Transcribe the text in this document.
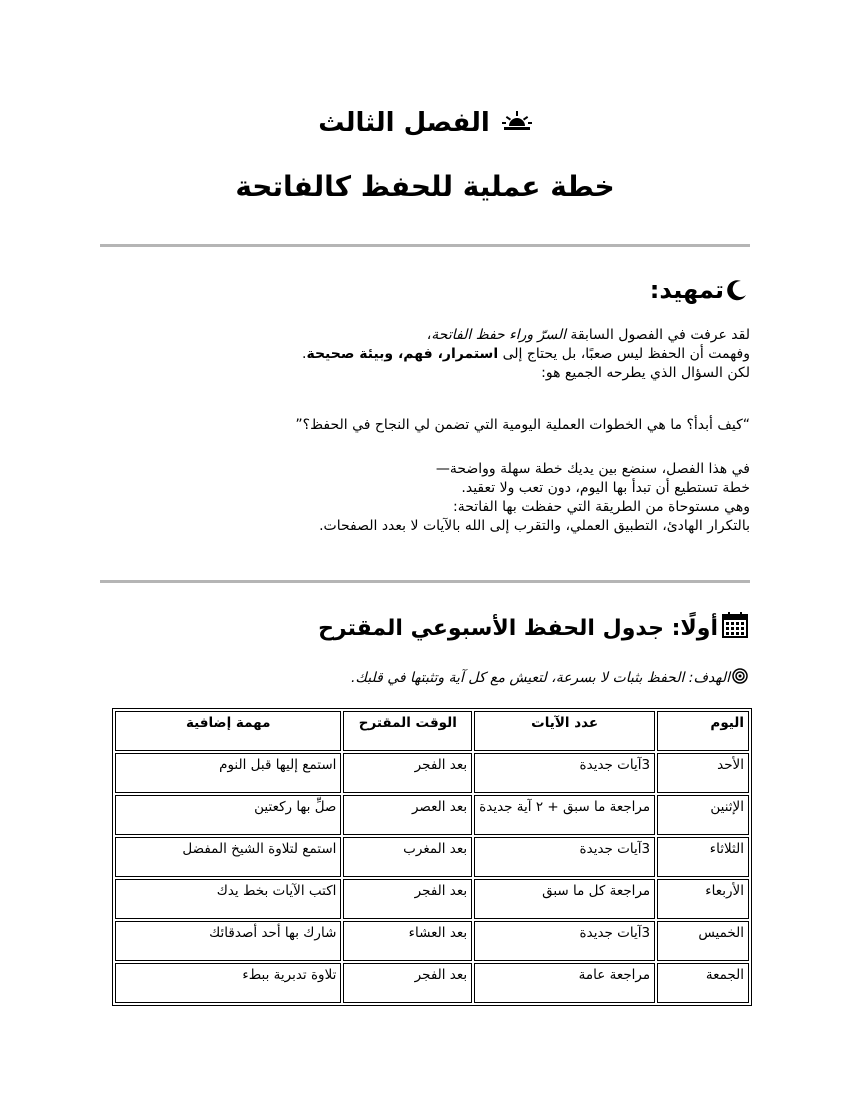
الفصل الثالث
خطة عملية للحفظ كالفاتحة
تمهيد:
لقد عرفت في الفصول السابقة السرّ وراء حفظ الفاتحة،
وفهمت أن الحفظ ليس صعبًا، بل يحتاج إلى استمرار، فهم، وبيئة صحيحة.
لكن السؤال الذي يطرحه الجميع هو:
“كيف أبدأ؟ ما هي الخطوات العملية اليومية التي تضمن لي النجاح في الحفظ؟”
في هذا الفصل، سنضع بين يديك خطة سهلة وواضحة—
خطة تستطيع أن تبدأ بها اليوم، دون تعب ولا تعقيد.
وهي مستوحاة من الطريقة التي حفظت بها الفاتحة:
بالتكرار الهادئ، التطبيق العملي، والتقرب إلى الله بالآيات لا بعدد الصفحات.
أولًا: جدول الحفظ الأسبوعي المقترح

الهدف: الحفظ بثبات لا بسرعة، لتعيش مع كل آية وتثبتها في قلبك.

اليوم	عدد الآيات	الوقت المقترح	مهمة إضافية
الأحد	3آيات جديدة	بعد الفجر	استمع إليها قبل النوم
الإثنين	مراجعة ما سبق + ٢ آية جديدة	بعد العصر	صلِّ بها ركعتين
الثلاثاء	3آيات جديدة	بعد المغرب	استمع لتلاوة الشيخ المفضل
الأربعاء	مراجعة كل ما سبق	بعد الفجر	اكتب الآيات بخط يدك
الخميس	3آيات جديدة	بعد العشاء	شارك بها أحد أصدقائك
الجمعة	مراجعة عامة	بعد الفجر	تلاوة تدبرية ببطء
